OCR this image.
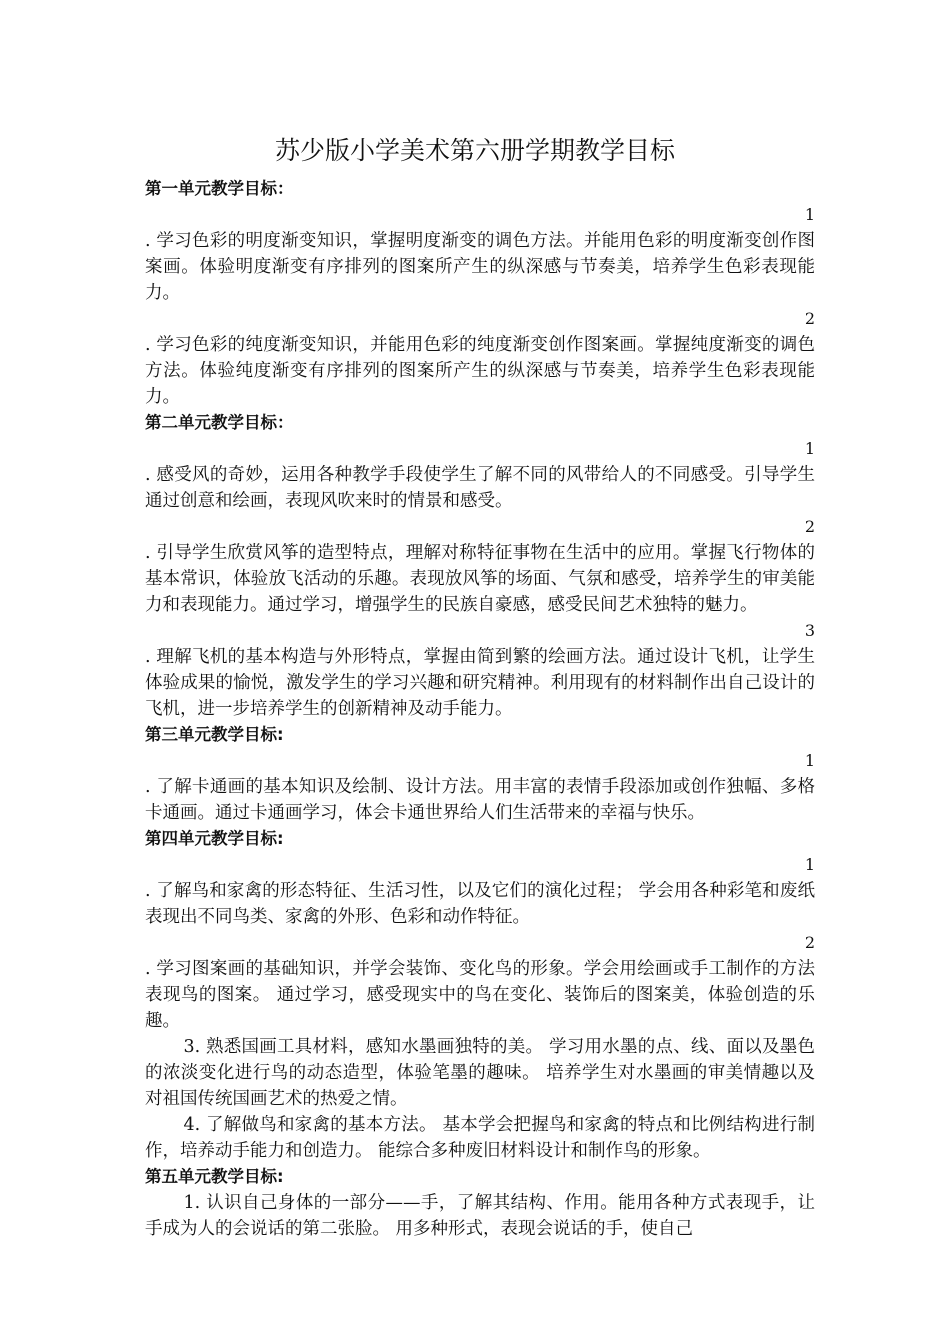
苏少版小学美术第六册学期教学目标
第一单元教学目标：
1

. 学习色彩的明度渐变知识，掌握明度渐变的调色方法。并能用色彩的明度渐变创作图案画。体验明度渐变有序排列的图案所产生的纵深感与节奏美，培养学生色彩表现能力。

2

. 学习色彩的纯度渐变知识，并能用色彩的纯度渐变创作图案画。掌握纯度渐变的调色方法。体验纯度渐变有序排列的图案所产生的纵深感与节奏美，培养学生色彩表现能力。

第二单元教学目标：
1

. 感受风的奇妙，运用各种教学手段使学生了解不同的风带给人的不同感受。引导学生通过创意和绘画，表现风吹来时的情景和感受。

2

. 引导学生欣赏风筝的造型特点，理解对称特征事物在生活中的应用。掌握飞行物体的基本常识，体验放飞活动的乐趣。表现放风筝的场面、气氛和感受，培养学生的审美能力和表现能力。通过学习，增强学生的民族自豪感，感受民间艺术独特的魅力。

3

. 理解飞机的基本构造与外形特点，掌握由简到繁的绘画方法。通过设计飞机，让学生体验成果的愉悦，激发学生的学习兴趣和研究精神。利用现有的材料制作出自己设计的飞机，进一步培养学生的创新精神及动手能力。

第三单元教学目标:
1

. 了解卡通画的基本知识及绘制、设计方法。用丰富的表情手段添加或创作独幅、多格卡通画。通过卡通画学习，体会卡通世界给人们生活带来的幸福与快乐。

第四单元教学目标:
1

. 了解鸟和家禽的形态特征、生活习性，以及它们的演化过程； 学会用各种彩笔和废纸表现出不同鸟类、家禽的外形、色彩和动作特征。

2

. 学习图案画的基础知识，并学会装饰、变化鸟的形象。学会用绘画或手工制作的方法表现鸟的图案。 通过学习，感受现实中的鸟在变化、装饰后的图案美，体验创造的乐趣。

3. 熟悉国画工具材料，感知水墨画独特的美。 学习用水墨的点、线、面以及墨色的浓淡变化进行鸟的动态造型，体验笔墨的趣味。 培养学生对水墨画的审美情趣以及对祖国传统国画艺术的热爱之情。

4. 了解做鸟和家禽的基本方法。 基本学会把握鸟和家禽的特点和比例结构进行制作，培养动手能力和创造力。 能综合多种废旧材料设计和制作鸟的形象。

第五单元教学目标:

1. 认识自己身体的一部分——手，了解其结构、作用。能用各种方式表现手，让手成为人的会说话的第二张脸。 用多种形式，表现会说话的手，使自己
